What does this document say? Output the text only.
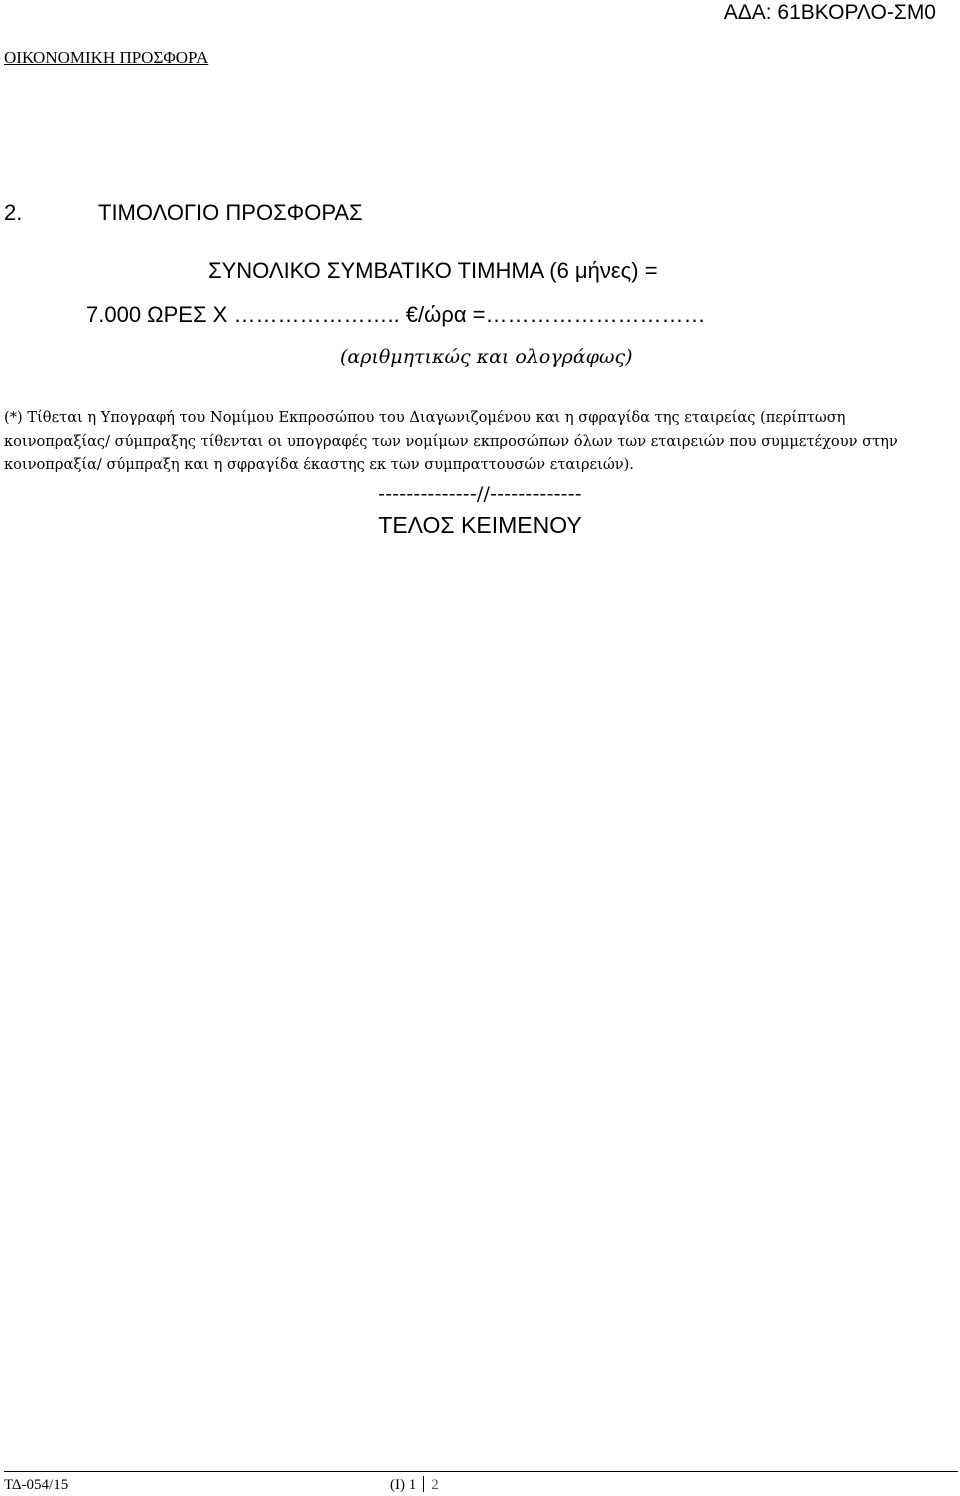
ΑΔΑ: 61ΒΚΟΡΛΟ-ΣΜ0
ΟΙΚΟΝΟΜΙΚΗ ΠΡΟΣΦΟΡΑ
2.	ΤΙΜΟΛΟΓΙΟ ΠΡΟΣΦΟΡΑΣ
ΣΥΝΟΛΙΚΟ ΣΥΜΒΑΤΙΚΟ ΤΙΜΗΜΑ (6 μήνες) =
7.000 ΩΡΕΣ Χ ………………….. €/ώρα =…………………………
(αριθμητικώς και ολογράφως)
(*) Τίθεται η Υπογραφή του Νομίμου Εκπροσώπου του Διαγωνιζομένου και η σφραγίδα της εταιρείας (περίπτωση κοινοπραξίας/ σύμπραξης τίθενται οι υπογραφές των νομίμων εκπροσώπων όλων των εταιρειών που συμμετέχουν στην κοινοπραξία/ σύμπραξη και η σφραγίδα έκαστης εκ των συμπραττουσών εταιρειών).
--------------//-------------
ΤΕΛΟΣ ΚΕΙΜΕΝΟΥ
ΤΔ-054/15	(Ι) 1 2
